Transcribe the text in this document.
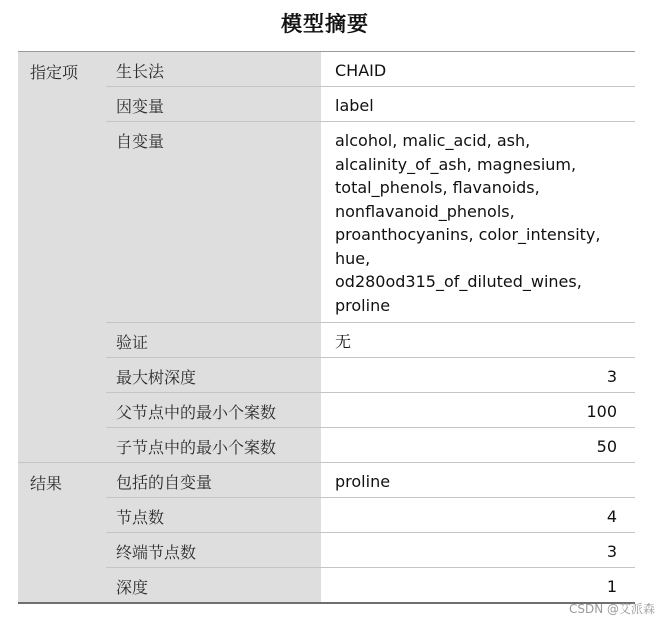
模型摘要
指定项	生长法	CHAID
因变量	label
自变量	alcohol, malic_acid, ash,
alcalinity_of_ash, magnesium,
total_phenols, flavanoids,
nonflavanoid_phenols,
proanthocyanins, color_intensity,
hue,
od280od315_of_diluted_wines,
proline
验证	无
最大树深度	3
父节点中的最小个案数	100
子节点中的最小个案数	50
结果	包括的自变量	proline
节点数	4
终端节点数	3
深度	1
CSDN @艾派森
